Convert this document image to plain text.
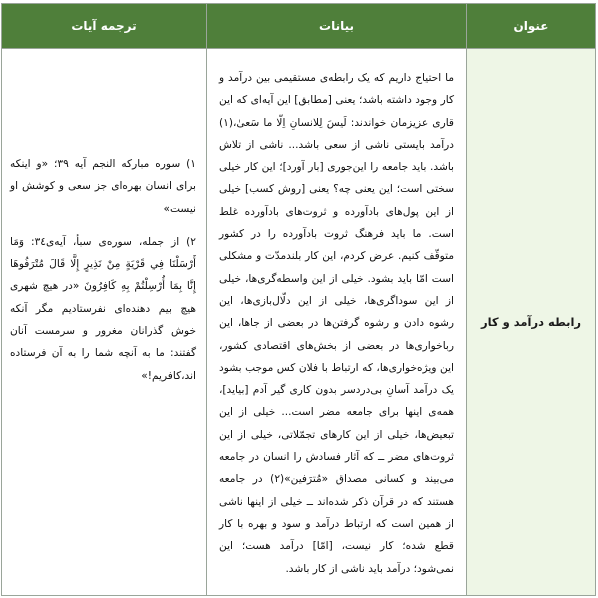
عنوان
بيانات
ترجمه آيات
رابطه درآمد و کار

ما احتياج داريم که يک رابطه‌ی مستقيمی بين درآمد و کار وجود داشته باشد؛ يعنی [مطابق] اين آيه‌ای که اين قاری عزيزمان خواندند: لَيسَ لِلانسانِ اِلّا ما سَعىٰ،(١) درآمد بايستی ناشی از سعی باشد... ناشی از تلاش باشد. بايد جامعه را اين‌جوری [بار آورد]؛ اين کار خيلی سختی است؛ اين يعنی چه؟ يعنی [روش کسب] خيلی از اين پول‌های بادآورده و ثروت‌های بادآورده غلط است. ما بايد فرهنگ ثروت بادآورده را در کشور متوقّف کنيم. عرض کردم، اين کار بلندمدّت و مشکلی است امّا بايد بشود. خيلی از اين واسطه‌گری‌ها، خيلی از اين سوداگری‌ها، خيلی از اين دلّال‌بازی‌ها، اين رشوه دادن و رشوه گرفتن‌ها در بعضی از جاها، اين رباخواری‌ها در بعضی از بخش‌های اقتصادی کشور، اين ويژه‌خواری‌ها، که ارتباط با فلان کس موجب بشود يک درآمد آسانِ بی‌دردسر بدون کاری گير آدم [بيايد]، همه‌ی اينها برای جامعه مضر است... خيلی از اين تبعيض‌ها، خيلی از اين کارهای تجمّلاتی، خيلی از اين ثروت‌های مضر ــ که آثار فسادش را انسان در جامعه می‌بيند و کسانی مصداق «مُترَفين»(٢) در جامعه هستند که در قرآن ذکر شده‌اند ــ خيلی از اينها ناشی از همين است که ارتباط درآمد و سود و بهره با کار قطع شده؛ کار نيست، [امّا] درآمد هست؛ اين نمی‌شود؛ درآمد بايد ناشی از کار باشد.

١) سوره مبارکه النجم آيه ٣٩؛ «و اينکه برای انسان بهره‌ای جز سعی و کوشش او نيست»

٢) از جمله، سوره‌ی سبأ، آيه‌ی٣٤: وَمَا أَرْسَلْنَا فِي قَرْيَةٍ مِنْ نَذِيرٍ إِلَّا قَالَ مُتْرَفُوهَا إِنَّا بِمَا أُرْسِلْتُمْ بِهِ كَافِرُونَ «در هيچ شهری هيچ بيم دهنده‌ای نفرستاديم مگر آنکه خوش گذرانان مغرور و سرمست آنان گفتند: ما به آنچه شما را به آن فرستاده اند،كافريم!»
